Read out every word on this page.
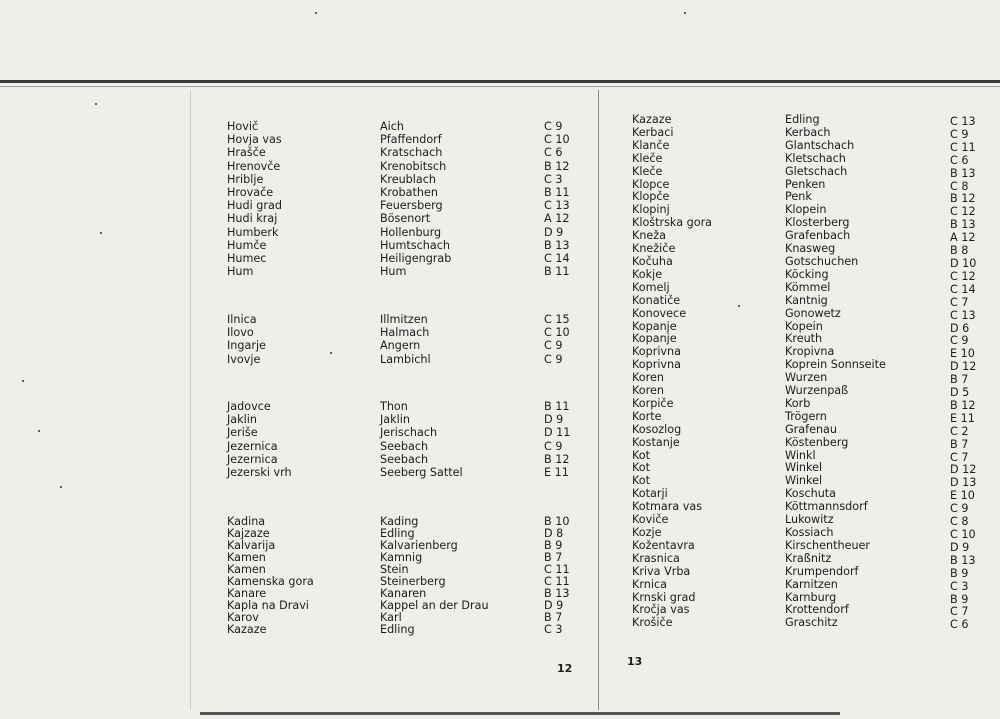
Hovič
Hovja vas
Hrašče
Hrenovče
Hriblje
Hrovače
Hudi grad
Hudi kraj
Humberk
Humče
Humec
Hum
Aich
Pfaffendorf
Kratschach
Krenobitsch
Kreublach
Krobathen
Feuersberg
Bösenort
Hollenburg
Humtschach
Heiligengrab
Hum
C 9
C 10
C 6
B 12
C 3
B 11
C 13
A 12
D 9
B 13
C 14
B 11
Ilnica
Ilovo
Ingarje
Ivovje
Illmitzen
Halmach
Angern
Lambichl
C 15
C 10
C 9
C 9
Jadovce
Jaklin
Jeriše
Jezernica
Jezernica
Jezerski vrh
Thon
Jaklin
Jerischach
Seebach
Seebach
Seeberg Sattel
B 11
D 9
D 11
C 9
B 12
E 11
Kadina
Kajzaze
Kalvarija
Kamen
Kamen
Kamenska gora
Kanare
Kapla na Dravi
Karov
Kazaze
Kading
Edling
Kalvarienberg
Kamnig
Stein
Steinerberg
Kanaren
Kappel an der Drau
Karl
Edling
B 10
D 8
B 9
B 7
C 11
C 11
B 13
D 9
B 7
C 3
Kazaze
Kerbaci
Klanče
Kleče
Kleče
Klopce
Klopče
Klopinj
Kloštrska gora
Kneža
Knežiče
Kočuha
Kokje
Komelj
Konatiče
Konovece
Kopanje
Kopanje
Koprivna
Koprivna
Koren
Koren
Korpiče
Korte
Kosozlog
Kostanje
Kot
Kot
Kot
Kotarji
Kotmara vas
Koviče
Kozje
Kožentavra
Krasnica
Kriva Vrba
Krnica
Krnski grad
Kročja vas
Krošiče
Edling
Kerbach
Glantschach
Kletschach
Gletschach
Penken
Penk
Klopein
Klosterberg
Grafenbach
Knasweg
Gotschuchen
Köcking
Kömmel
Kantnig
Gonowetz
Kopein
Kreuth
Kropivna
Koprein Sonnseite
Wurzen
Wurzenpaß
Korb
Trögern
Grafenau
Köstenberg
Winkl
Winkel
Winkel
Koschuta
Köttmannsdorf
Lukowitz
Kossiach
Kirschentheuer
Kraßnitz
Krumpendorf
Karnitzen
Karnburg
Krottendorf
Graschitz
C 13
C 9
C 11
C 6
B 13
C 8
B 12
C 12
B 13
A 12
B 8
D 10
C 12
C 14
C 7
C 13
D 6
C 9
E 10
D 12
B 7
D 5
B 12
E 11
C 2
B 7
C 7
D 12
D 13
E 10
C 9
C 8
C 10
D 9
B 13
B 9
C 3
B 9
C 7
C 6
12
13
